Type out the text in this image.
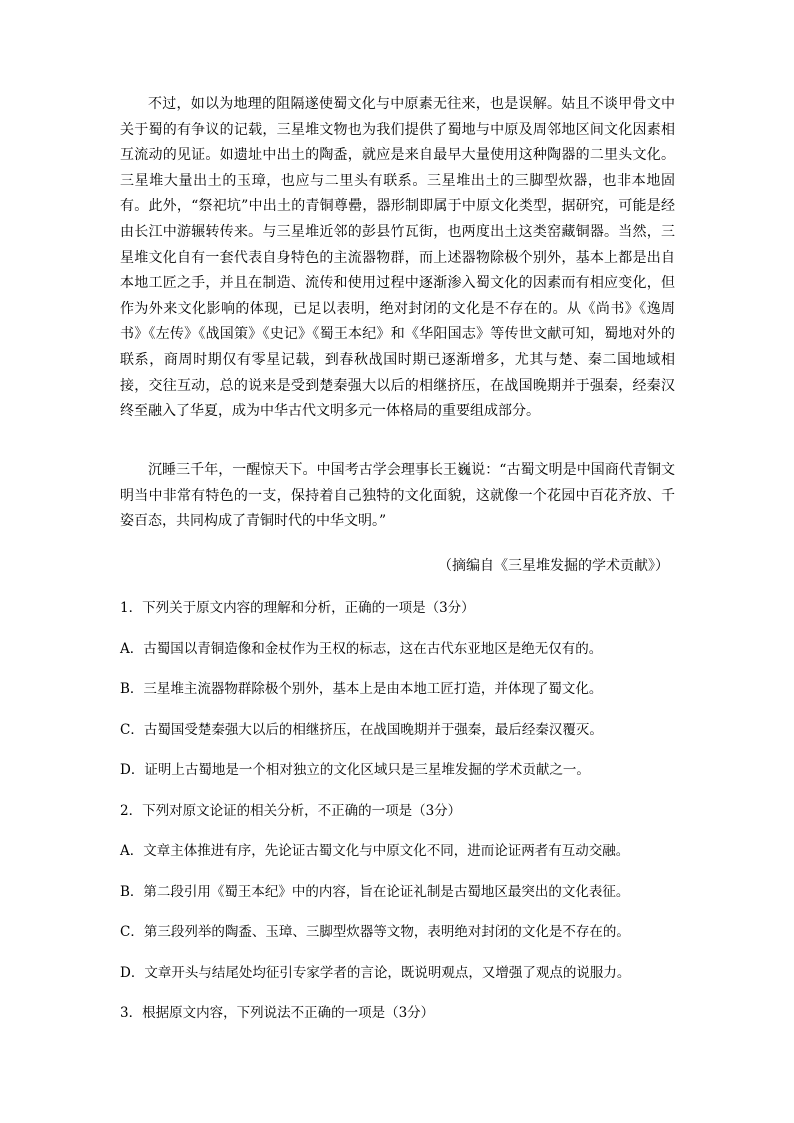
不过，如以为地理的阻隔遂使蜀文化与中原素无往来，也是误解。姑且不谈甲骨文中关于蜀的有争议的记载，三星堆文物也为我们提供了蜀地与中原及周邻地区间文化因素相互流动的见证。如遗址中出土的陶盉，就应是来自最早大量使用这种陶器的二里头文化。三星堆大量出土的玉璋，也应与二里头有联系。三星堆出土的三脚型炊器，也非本地固有。此外，“祭祀坑”中出土的青铜尊罍，器形制即属于中原文化类型，据研究，可能是经由长江中游辗转传来。与三星堆近邻的彭县竹瓦街，也两度出土这类窑藏铜器。当然，三星堆文化自有一套代表自身特色的主流器物群，而上述器物除极个别外，基本上都是出自本地工匠之手，并且在制造、流传和使用过程中逐渐渗入蜀文化的因素而有相应变化，但作为外来文化影响的体现，已足以表明，绝对封闭的文化是不存在的。从《尚书》《逸周书》《左传》《战国策》《史记》《蜀王本纪》和《华阳国志》等传世文献可知，蜀地对外的联系，商周时期仅有零星记载，到春秋战国时期已逐渐增多，尤其与楚、秦二国地域相接，交往互动，总的说来是受到楚秦强大以后的相继挤压，在战国晚期并于强秦，经秦汉终至融入了华夏，成为中华古代文明多元一体格局的重要组成部分。

沉睡三千年，一醒惊天下。中国考古学会理事长王巍说：“古蜀文明是中国商代青铜文明当中非常有特色的一支，保持着自己独特的文化面貌，这就像一个花园中百花齐放、千姿百态，共同构成了青铜时代的中华文明。”

（摘编自《三星堆发掘的学术贡献》）

1．下列关于原文内容的理解和分析，正确的一项是（3分）

A．古蜀国以青铜造像和金杖作为王权的标志，这在古代东亚地区是绝无仅有的。

B．三星堆主流器物群除极个别外，基本上是由本地工匠打造，并体现了蜀文化。

C．古蜀国受楚秦强大以后的相继挤压，在战国晚期并于强秦，最后经秦汉覆灭。

D．证明上古蜀地是一个相对独立的文化区域只是三星堆发掘的学术贡献之一。

2．下列对原文论证的相关分析，不正确的一项是（3分）

A．文章主体推进有序，先论证古蜀文化与中原文化不同，进而论证两者有互动交融。

B．第二段引用《蜀王本纪》中的内容，旨在论证礼制是古蜀地区最突出的文化表征。

C．第三段列举的陶盉、玉璋、三脚型炊器等文物，表明绝对封闭的文化是不存在的。

D．文章开头与结尾处均征引专家学者的言论，既说明观点，又增强了观点的说服力。

3．根据原文内容，下列说法不正确的一项是（3分）
